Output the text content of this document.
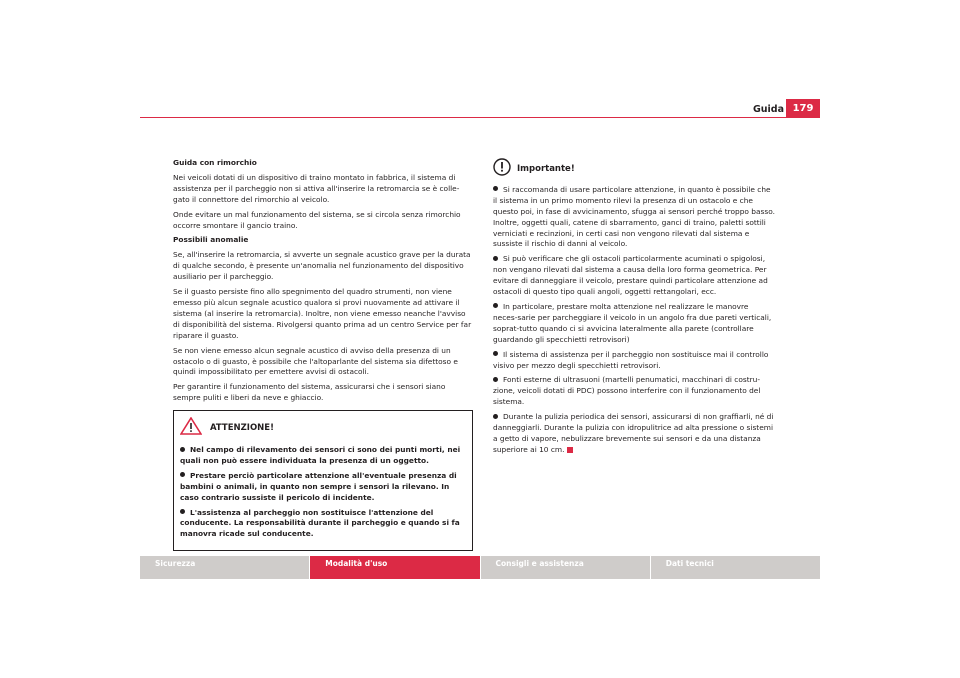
Guida 179

Guida con rimorchio

Nei veicoli dotati di un dispositivo di traino montato in fabbrica, il sistema di assistenza per il parcheggio non si attiva all'inserire la retromarcia se è colle-gato il connettore del rimorchio al veicolo.

Onde evitare un mal funzionamento del sistema, se si circola senza rimorchio occorre smontare il gancio traino.

Possibili anomalie

Se, all'inserire la retromarcia, si avverte un segnale acustico grave per la durata di qualche secondo, è presente un'anomalia nel funzionamento del dispositivo ausiliario per il parcheggio.

Se il guasto persiste fino allo spegnimento del quadro strumenti, non viene emesso più alcun segnale acustico qualora si provi nuovamente ad attivare il sistema (al inserire la retromarcia). Inoltre, non viene emesso neanche l'avviso di disponibilità del sistema. Rivolgersi quanto prima ad un centro Service per far riparare il guasto.

Se non viene emesso alcun segnale acustico di avviso della presenza di un ostacolo o di guasto, è possibile che l'altoparlante del sistema sia difettoso e quindi impossibilitato per emettere avvisi di ostacoli.

Per garantire il funzionamento del sistema, assicurarsi che i sensori siano sempre puliti e liberi da neve e ghiaccio.

ATTENZIONE!

Nel campo di rilevamento dei sensori ci sono dei punti morti, nei quali non può essere individuata la presenza di un oggetto.

Prestare perciò particolare attenzione all'eventuale presenza di bambini o animali, in quanto non sempre i sensori la rilevano. In caso contrario sussiste il pericolo di incidente.

L'assistenza al parcheggio non sostituisce l'attenzione del conducente. La responsabilità durante il parcheggio e quando si fa manovra ricade sul conducente.

Importante!

Si raccomanda di usare particolare attenzione, in quanto è possibile che il sistema in un primo momento rilevi la presenza di un ostacolo e che questo poi, in fase di avvicinamento, sfugga ai sensori perché troppo basso. Inoltre, oggetti quali, catene di sbarramento, ganci di traino, paletti sottili verniciati e recinzioni, in certi casi non vengono rilevati dal sistema e sussiste il rischio di danni al veicolo.

Si può verificare che gli ostacoli particolarmente acuminati o spigolosi, non vengano rilevati dal sistema a causa della loro forma geometrica. Per evitare di danneggiare il veicolo, prestare quindi particolare attenzione ad ostacoli di questo tipo quali angoli, oggetti rettangolari, ecc.

In particolare, prestare molta attenzione nel realizzare le manovre neces-sarie per parcheggiare il veicolo in un angolo fra due pareti verticali, soprat-tutto quando ci si avvicina lateralmente alla parete (controllare guardando gli specchietti retrovisori)

Il sistema di assistenza per il parcheggio non sostituisce mai il controllo visivo per mezzo degli specchietti retrovisori.

Fonti esterne di ultrasuoni (martelli penumatici, macchinari di costru-zione, veicoli dotati di PDC) possono interferire con il funzionamento del sistema.

Durante la pulizia periodica dei sensori, assicurarsi di non graffiarli, né di danneggiarli. Durante la pulizia con idropulitrice ad alta pressione o sistemi a getto di vapore, nebulizzare brevemente sui sensori e da una distanza superiore ai 10 cm.

Sicurezza	Modalità d'uso	Consigli e assistenza	Dati tecnici
